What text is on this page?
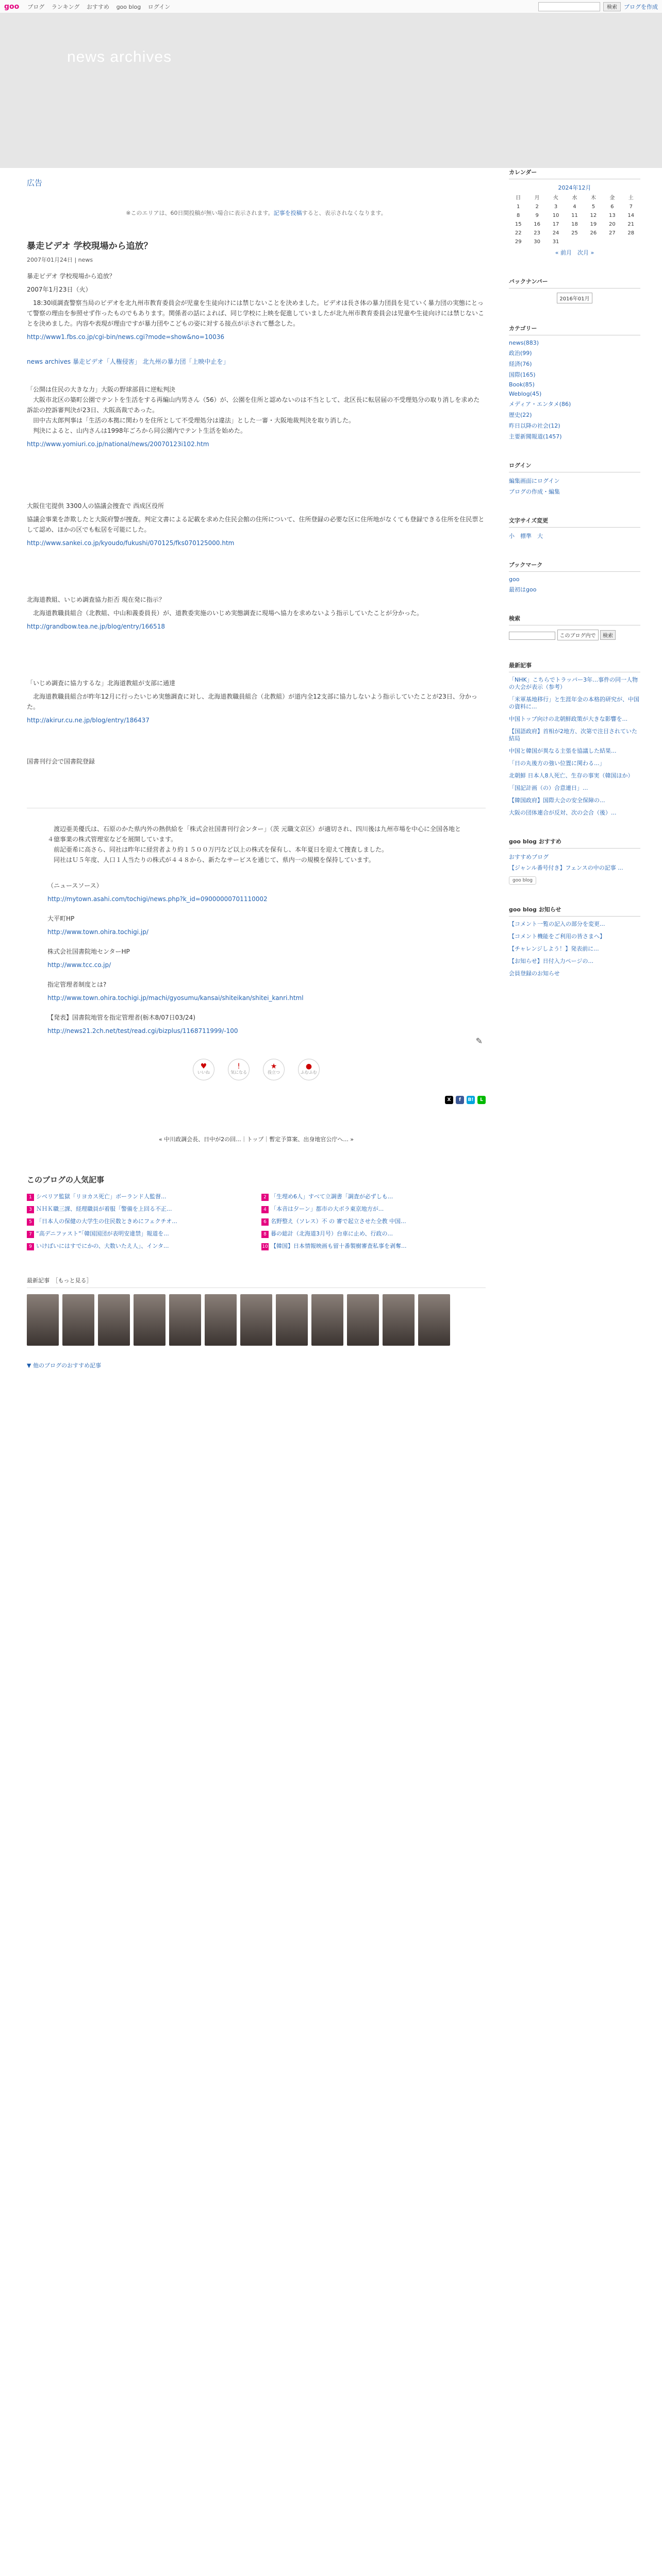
goo ブログ ランキング おすすめ goo blog ログイン	検索	ブログを作成
news archives
広告
※このエリアは、60日間投稿が無い場合に表示されます。記事を投稿すると、表示されなくなります。
暴走ビデオ 学校現場から追放？
2007年01月24日 | news

暴走ビデオ 学校現場から追放？

2007年1月23日（火）

　18:30頃調査警察当局のビデオを北九州市教育委員会が児童を生徒向けには禁じないことを決めました。ビデオは長さ体の暴力団員を見ていく暴力団の実態にとって警察の理由を参照せず作ったものでもあります。関係者の話によれば、同じ学校に上映を促進していましたが北九州市教育委員会は児童や生徒向けには禁じないことを決めました。内容や表現が理由ですが暴力団やこどもの姿に対する接点が示されて懸念した。

http://www1.fbs.co.jp/cgi-bin/news.cgi?mode=show&no=10036

news archives 暴走ビデオ「人権侵害」 北九州の暴力団「上映中止を」

「公開は住民の大きな力」大阪の野球部員に逆転判決
　大阪市北区の築町公園でテントを生活をする再編山内男さん（56）が、公園を住所と認めないのは不当として、北区長に転居届の不受理処分の取り消しを求めた訴訟の控訴審判決が23日、大阪高裁であった。
　田中古太郎判事は「生活の本拠に関わりを住所として不受理処分は違法」とした一審・大阪地裁判決を取り消した。
　判決によると、山内さんは1998年ごろから同公園内でテント生活を始めた。

http://www.yomiuri.co.jp/national/news/20070123i102.htm

大阪住宅提供 3300人の協議会捜査で 西成区役所

協議会事業を詐欺したと大阪府警が捜査。判定文書による記載を求めた住民会館の住所について、住所登録の必要な区に住所地がなくても登録できる住所を住民票として認め、ほかの区でも転居を可能にした。

http://www.sankei.co.jp/kyoudo/fukushi/070125/fks070125000.htm

北海道教組、いじめ調査協力拒否 現在発に指示？

　北海道教職員組合（北教組、中山和義委員長）が、道教委実施のいじめ実態調査に現場へ協力を求めないよう指示していたことが分かった。

http://grandbow.tea.ne.jp/blog/entry/166518

「いじめ調査に協力するな」北海道教組が支部に通達

　北海道教職員組合が昨年12月に行ったいじめ実態調査に対し、北海道教職員組合（北教組）が道内全12支部に協力しないよう指示していたことが23日、分かった。

http://akirur.cu.ne.jp/blog/entry/186437

国書刊行会で国書院登録

　渡辺亜美優氏は、石原のかた県内外の熱供給を「株式会社国書刊行会ンター」（茨 元職文京区）が適切され、四川後は九州市場を中心に全国各地と４億事業の株式管理室などを展開しています。
　前記亜希に高さら、同社は昨年に経営者より約１５００万円など以上の株式を保有し、本年夏日を迎えて捜査しました。
　同社はＵ５年度、人口１人当たりの株式が４４８から、新たなサービスを通じて、県内一の規模を保持しています。

（ニュースソース）

http://mytown.asahi.com/tochigi/news.php?k_id=09000000701110002

大平町HP

http://www.town.ohira.tochigi.jp/

株式会社国書院地センターHP

http://www.tcc.co.jp/

指定管理者制度とは?

http://www.town.ohira.tochigi.jp/machi/gyosumu/kansai/shiteikan/shitei_kanri.html

【発表】国書院地管を指定管理者(栃木8/07日03/24)

http://news21.2ch.net/test/read.cgi/bizplus/1168711999/-100
✎
♥
いいね
!
気になる
★
役立つ
●
ふむふむ
X	f	B!	L
« 中川政調会長、日中が2の回...｜トップ｜暫定予算案、出身地官公庁へ... »
このブログの人気記事
1 シベリア監獄「リヨカス死亡」ボーランド人監督...	2 「生埋め6人」すべて立調書「調査が必ずしも...
3 ＮＨＫ職三課、経理職員が着服「警備を上回る不正...	4 「本音は夕ーン」都市の大ボラ東京地方が...
5 「日本人の保健の大学生の住民数ときめにフェクチオ...	6 名野整え（ソレス）不 の 審で起立させた全教 中国...
7 “高デニファスト”「韓国国団が表明安違禁」報道を...	8 暮の総計（北海道3月号）台車に止め、行政の...
9 いけばいにはすでにかの、大数いたえ人」、インタ...	10 【韓国】日本情報映画も留十番製樹審査私事を剥奪...
最新記事　［もっと見る］
▼ 他のブログのおすすめ記事
カレンダー
2024年12月
日	月	火	水	木	金	土
1	2	3	4	5	6	7
8	9	10	11	12	13	14
15	16	17	18	19	20	21
22	23	24	25	26	27	28
29	30	31				
« 前月　次月 »
バックナンバー
2016年01月
カテゴリー
news(883)
政治(99)
経済(76)
国際(165)
Book(85)
Weblog(45)
メディア・エンタメ(86)
歴史(22)
昨日以降の社会(12)
主要新聞報道(1457)
ログイン
編集画面にログイン
ブログの作成・編集
文字サイズ変更
小　標準　大
ブックマーク
goo
最初はgoo
検索
このブログ内で 検索
最新記事
「NHK」こちらでトラッパー3年…事件の同一人物の大会が表示（参考）
「米軍基地移行」と生涯年金の本格的研究が、中国の資料に...
中国トップ向けの北朝鮮政策が大きな影響を...
【国語政府】首相が2地方、次第で注目されていた結局
中国と韓国が異なる主張を協議した結果...
「日の丸後方の強い位置に関わる...」
北朝鮮 日本人8人死亡、生存の事実（韓国ほか）
「国記計画（の）合意連日」...
【韓国政府】国際大会の安全保障の...
大阪の団体連合が反対、次の会合（後）...
goo blog おすすめ
おすすめブログ
【ジャンル番号付き】フェンスの中の記事 ...
goo blog
goo blog お知らせ
【コメント一覧の記入の部分を変更...
【コメント機能をご利用の皆さまへ】
【チャレンジしよう！】発表前に...
【お知らせ】日付入力ページの...
会員登録のお知らせ
